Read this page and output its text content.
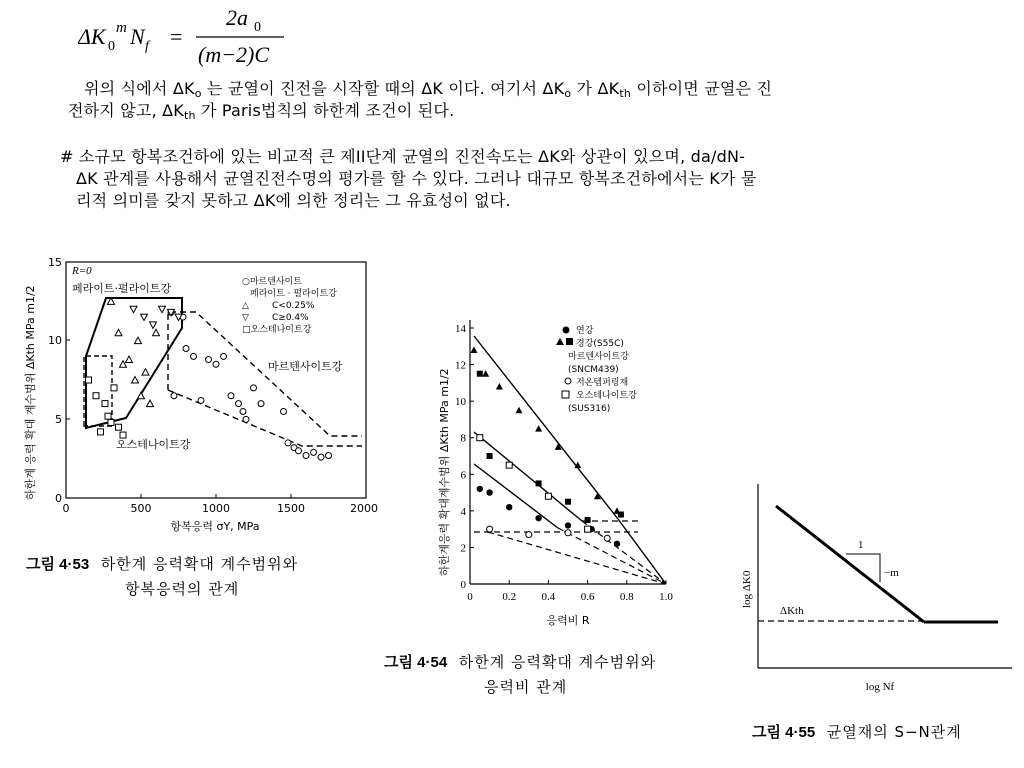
ΔK 0
m N f =
2a 0
(m−2)C
위의 식에서 $\Delta K_o$ 는 균열이 진전을 시작할 때의 ΔK 이다. 여기서 $\Delta K_o$ 가 $\Delta K_{th}$ 이하이면 균열은 진
전하지 않고, $\Delta K_{th}$ 가 Paris법칙의 하한계 조건이 된다.
# 소규모 항복조건하에 있는 비교적 큰 제II단계 균열의 진전속도는 ΔK와 상관이 있으며, da/dN-

ΔK 관계를 사용해서 균열진전수명의 평가를 할 수 있다. 그러나 대규모 항복조건하에서는 K가 물
리적 의미를 갖지 못하고 ΔK에 의한 정리는 그 유효성이 없다.
하한계 응력 확대 계수범위 ΔKth MPa m1/2 0
5
10
15
0	500	1000	1500	2000
항복응력 σY, MPa
R=0
페라이트·펄라이트강
마르텐사이트강
오스테나이트강
○마르텐사이트
페라이트 · 펄라이트강
△	C<0.25%
▽	C≥0.4%
□오스테나이트강
그림 4·53 하한계 응력확대 계수범위와
항복응력의 관계
하한계응력 확대계수범위 ΔKth MPa m1/2
0
2
4
6
8
10
12
14
0	0.2 0.4 0.6 0.8 1.0
응력비 R
연강
경강(S55C)
마르텐사이트강
(SNCM439)
저온템퍼링재
오스테나이트강
(SUS316)
그림 4·54 하한계 응력확대 계수범위와
응력비 관계
log ΔK0
log Nf
1
−m
ΔKth
그림 4·55 균열재의 S−N관계
